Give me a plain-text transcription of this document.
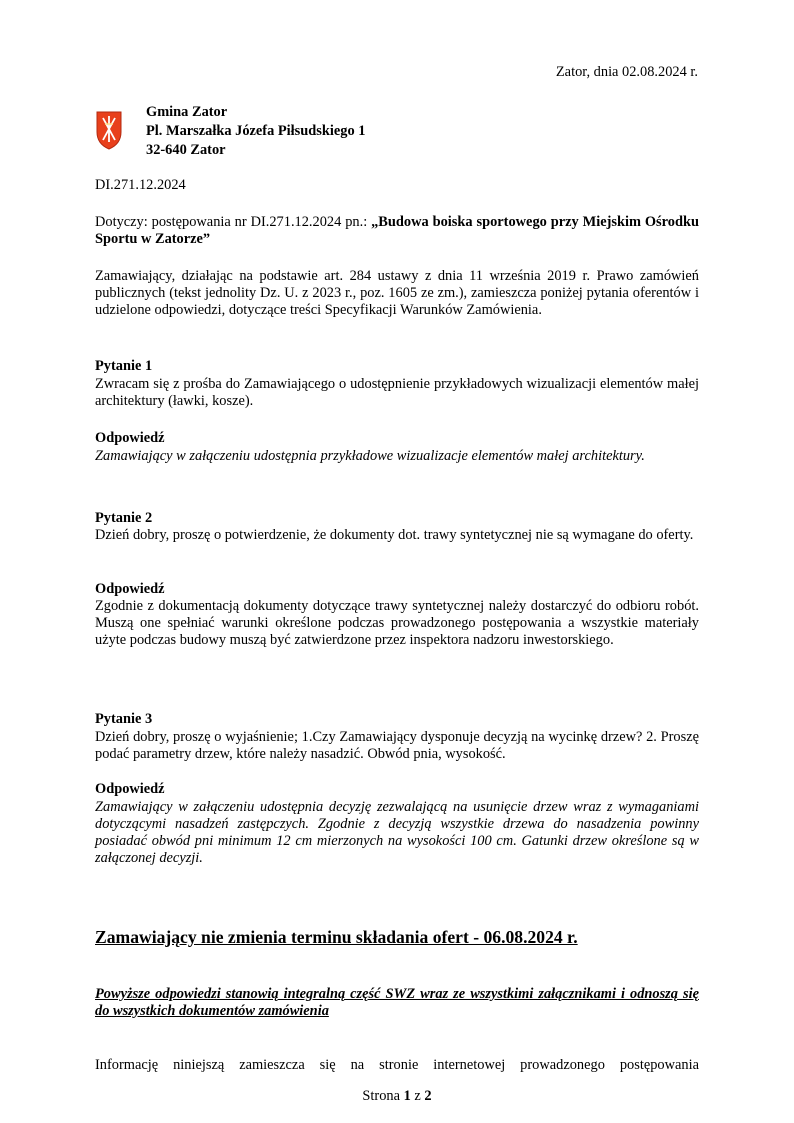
Zator, dnia 02.08.2024 r.
Gmina Zator
Pl. Marszałka Józefa Piłsudskiego 1
32-640 Zator
DI.271.12.2024
Dotyczy: postępowania nr DI.271.12.2024 pn.: „Budowa boiska sportowego przy Miejskim Ośrodku Sportu w Zatorze”
Zamawiający, działając na podstawie art. 284 ustawy z dnia 11 września 2019 r. Prawo zamówień publicznych (tekst jednolity Dz. U. z 2023 r., poz. 1605 ze zm.), zamieszcza poniżej pytania oferentów i udzielone odpowiedzi, dotyczące treści Specyfikacji Warunków Zamówienia.
Pytanie 1
Zwracam się z prośba do Zamawiającego o udostępnienie przykładowych wizualizacji elementów małej architektury (ławki, kosze).
Odpowiedź
Zamawiający w załączeniu udostępnia przykładowe wizualizacje elementów małej architektury.
Pytanie 2
Dzień dobry, proszę o potwierdzenie, że dokumenty dot. trawy syntetycznej nie są wymagane do oferty.
Odpowiedź
Zgodnie z dokumentacją dokumenty dotyczące trawy syntetycznej należy dostarczyć do odbioru robót. Muszą one spełniać warunki określone podczas prowadzonego postępowania a wszystkie materiały użyte podczas budowy muszą być zatwierdzone przez inspektora nadzoru inwestorskiego.
Pytanie 3
Dzień dobry, proszę o wyjaśnienie; 1.Czy Zamawiający dysponuje decyzją na wycinkę drzew? 2. Proszę podać parametry drzew, które należy nasadzić. Obwód pnia, wysokość.
Odpowiedź
Zamawiający w załączeniu udostępnia decyzję zezwalającą na usunięcie drzew wraz z wymaganiami dotyczącymi nasadzeń zastępczych. Zgodnie z decyzją wszystkie drzewa do nasadzenia powinny posiadać obwód pni minimum 12 cm mierzonych na wysokości 100 cm. Gatunki drzew określone są w załączonej decyzji.
Zamawiający nie zmienia terminu składania ofert - 06.08.2024 r.
Powyższe odpowiedzi stanowią integralną część SWZ wraz ze wszystkimi załącznikami i odnoszą się do wszystkich dokumentów zamówienia
Informację niniejszą zamieszcza się na stronie internetowej prowadzonego postępowania
Strona 1 z 2
